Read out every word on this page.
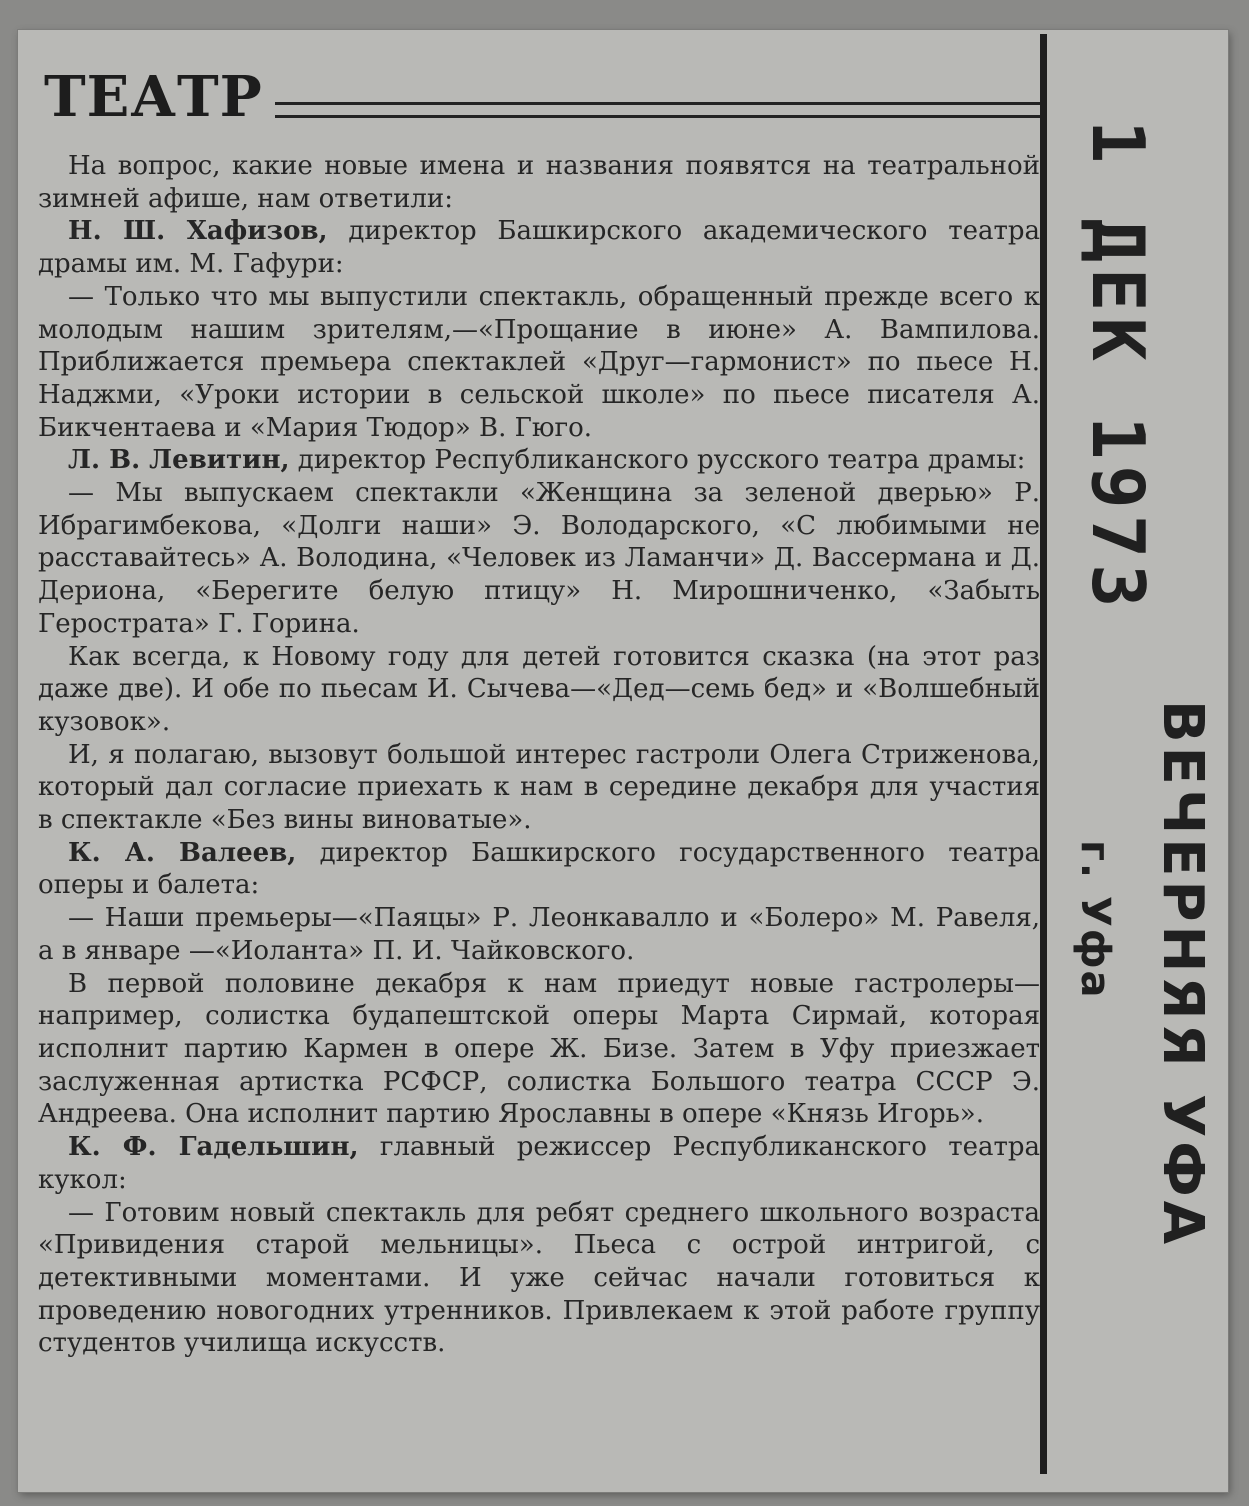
ТЕАТР

На вопрос, какие новые имена и названия появятся на театральной зимней афише, нам ответили:

Н. Ш. Хафизов, директор Башкирского академического театра драмы им. М. Гафури:

— Только что мы выпустили спектакль, обращенный прежде всего к молодым нашим зрителям,—«Прощание в июне» А. Вампилова. Приближается премьера спектаклей «Друг—гармонист» по пьесе Н. Наджми, «Уроки истории в сельской школе» по пьесе писателя А. Бикчентаева и «Мария Тюдор» В. Гюго.

Л. В. Левитин, директор Республиканского русского театра драмы:

— Мы выпускаем спектакли «Женщина за зеленой дверью» Р. Ибрагимбекова, «Долги наши» Э. Володарского, «С любимыми не расставайтесь» А. Володина, «Человек из Ламанчи» Д. Вассермана и Д. Дериона, «Берегите белую птицу» Н. Мирошниченко, «Забыть Герострата» Г. Горина.

Как всегда, к Новому году для детей готовится сказка (на этот раз даже две). И обе по пьесам И. Сычева—«Дед—семь бед» и «Волшебный кузовок».

И, я полагаю, вызовут большой интерес гастроли Олега Стриженова, который дал согласие приехать к нам в середине декабря для участия в спектакле «Без вины виноватые».

К. А. Валеев, директор Башкирского государственного театра оперы и балета:

— Наши премьеры—«Паяцы» Р. Леонкавалло и «Болеро» М. Равеля, а в январе —«Иоланта» П. И. Чайковского.

В первой половине декабря к нам приедут новые гастролеры—например, солистка будапештской оперы Марта Сирмай, которая исполнит партию Кармен в опере Ж. Бизе. Затем в Уфу приезжает заслуженная артистка РСФСР, солистка Большого театра СССР Э. Андреева. Она исполнит партию Ярославны в опере «Князь Игорь».

К. Ф. Гадельшин, главный режиссер Республиканского театра кукол:

— Готовим новый спектакль для ребят среднего школьного возраста «Привидения старой мельницы». Пьеса с острой интригой, с детективными моментами. И уже сейчас начали готовиться к проведению новогодних утренников. Привлекаем к этой работе группу студентов училища искусств.

1 ДЕК 1973
ВЕЧЕРНЯЯ УФА
г. Уфа
